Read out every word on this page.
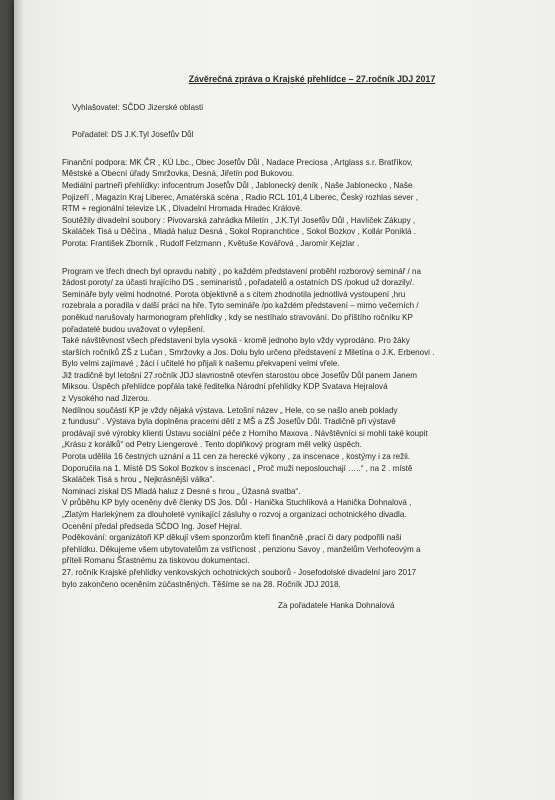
Závěrečná zpráva o Krajské přehlídce – 27.ročník JDJ 2017
Vyhlašovatel: SČDO Jizerské oblasti
Pořadatel: DS J.K.Tyl Josefův Důl
Finanční podpora: MK ČR , KÚ Lbc., Obec Josefův Důl , Nadace Preciosa , Artglass s.r. Bratříkov,
Městské a Obecní úřady Smržovka, Desná, Jiřetín pod Bukovou.
Mediální partneři přehlídky: infocentrum Josefův Důl , Jablonecký deník , Naše Jablonecko , Naše
Pojizeří , Magazín Kraj Liberec, Amatérská scéna , Radio RCL 101,4 Liberec, Český rozhlas sever ,
RTM + regionální televize LK , Divadelní Hromada Hradec Králové.
Soutěžily divadelní soubory : Pivovarská zahrádka Miletín , J.K.Tyl Josefův Důl , Havlíček Zákupy ,
Skaláček Tisá u Děčína , Mladá haluz Desná , Sokol Ropranchtice , Sokol Bozkov , Kollár Poniklá .
Porota: František Zborník , Rudolf Felzmann , Květuše Kovářová , Jaromír Kejzlar .
Program ve třech dnech byl opravdu nabitý , po každém představení proběhl rozborový seminář / na
žádost poroty/ za účasti hrajícího DS , seminaristů , pořadatelů a ostatních DS /pokud už dorazily/.
Semináře byly velmi hodnotné. Porota objektivně a s citem zhodnotila jednotlivá vystoupení ,hru
rozebrala a poradila v další práci na hře. Tyto semináře /po každém představení – mimo večerních /
poněkud narušovaly harmonogram přehlídky , kdy se nestíhalo stravování. Do příštího ročníku KP
pořadatelé budou uvažovat o vylepšení.
Také návštěvnost všech představení byla vysoká - kromě jednoho bylo vždy vyprodáno. Pro žáky
starších ročníků ZŠ z Lučan , Smržovky a Jos. Dolu bylo určeno představení z Miletína o J.K. Erbenovi .
Bylo velmi zajímavé , žáci i učitelé ho přijali k našemu překvapení velmi vřele.
Již tradičně byl letošní 27.ročník JDJ slavnostně otevřen starostou obce Josefův Důl panem Janem
Miksou. Úspěch přehlídce popřála také ředitelka Národní přehlídky KDP Svatava Hejralová
z Vysokého nad Jizerou.
Nedílnou součástí KP je vždy nějaká výstava. Letošní název „ Hele, co se našlo aneb poklady
z fundusu“ . Výstava byla doplněna pracemi dětí z MŠ a ZŠ Josefův Důl. Tradičně při výstavě
prodávají své výrobky klienti Ústavu sociální péče z Horního Maxova . Návštěvníci si mohli také koupit
„Krásu z korálků“ od Petry Liengerové . Tento doplňkový program měl velký úspěch.
Porota udělila 16 čestných uznání a 11 cen za herecké výkony , za inscenace , kostýmy i za režii.
Doporučila na 1. Místě DS Sokol Bozkov s inscenací „ Proč muži neposlouchají …..“ , na 2 . místě
Skaláček Tisá s hrou „ Nejkrásnější válka“.
Nominaci získal DS Mladá haluz z Desné s hrou „ Úžasná svatba“.
V průběhu KP byly oceněny dvě členky DS Jos. Důl - Hanička Stuchlíková a Hanička Dohnalová ,
„Zlatým Harlekýnem za dlouholeté vynikající zásluhy o rozvoj a organizaci ochotnického divadla.
Ocenění předal předseda SČDO Ing. Josef Hejral.
Poděkování: organizátoři KP děkují všem sponzorům kteří finančně ,prací či dary podpořili naši
přehlídku. Děkujeme všem ubytovatelům za vstřícnost , penzionu Savoy , manželům Verhofeovým a
příteli Romanu Šťastnému za tiskovou dokumentaci.
27. ročník Krajské přehlídky venkovských ochotnických souborů - Josefodolské divadelní jaro 2017
bylo zakončeno oceněním zúčastněných. Těšíme se na 28. Ročník JDJ 2018.
Za pořadatele Hanka Dohnalová
